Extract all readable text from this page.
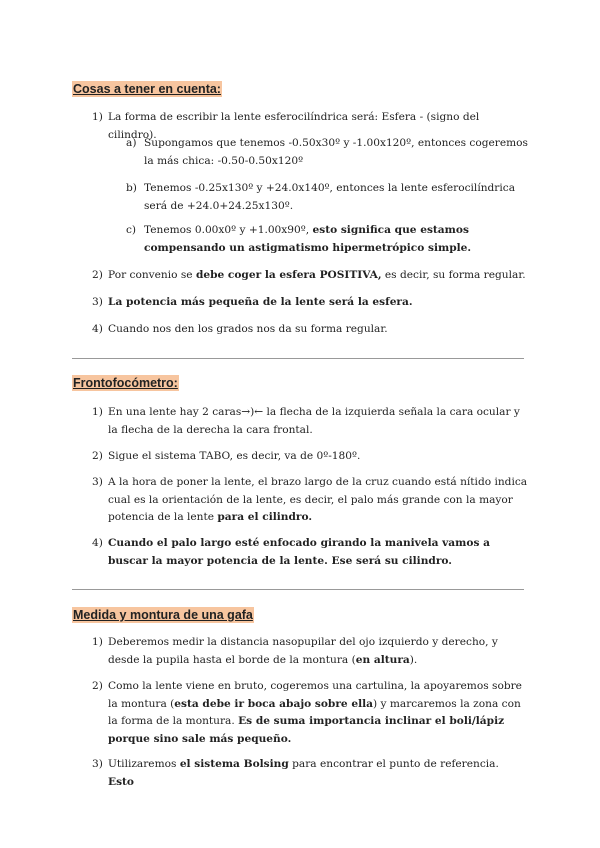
Cosas a tener en cuenta:
1) La forma de escribir la lente esferocilíndrica será: Esfera - (signo del cilindro).
a) Supongamos que tenemos -0.50x30º y -1.00x120º, entonces cogeremos la más chica: -0.50-0.50x120º
b) Tenemos -0.25x130º y +24.0x140º, entonces la lente esferocilíndrica será de +24.0+24.25x130º.
c) Tenemos 0.00x0º y +1.00x90º, esto significa que estamos compensando un astigmatismo hipermetrópico simple.
2) Por convenio se debe coger la esfera POSITIVA, es decir, su forma regular.
3) La potencia más pequeña de la lente será la esfera.
4) Cuando nos den los grados nos da su forma regular.
Frontofocómetro:
1) En una lente hay 2 caras→)← la flecha de la izquierda señala la cara ocular y la flecha de la derecha la cara frontal.
2) Sigue el sistema TABO, es decir, va de 0º-180º.
3) A la hora de poner la lente, el brazo largo de la cruz cuando está nítido indica cual es la orientación de la lente, es decir, el palo más grande con la mayor potencia de la lente para el cilindro.
4) Cuando el palo largo esté enfocado girando la manivela vamos a buscar la mayor potencia de la lente. Ese será su cilindro.
Medida y montura de una gafa
1) Deberemos medir la distancia nasopupilar del ojo izquierdo y derecho, y desde la pupila hasta el borde de la montura (en altura).
2) Como la lente viene en bruto, cogeremos una cartulina, la apoyaremos sobre la montura (esta debe ir boca abajo sobre ella) y marcaremos la zona con la forma de la montura. Es de suma importancia inclinar el boli/lápiz porque sino sale más pequeño.
3) Utilizaremos el sistema Bolsing para encontrar el punto de referencia. Esto
